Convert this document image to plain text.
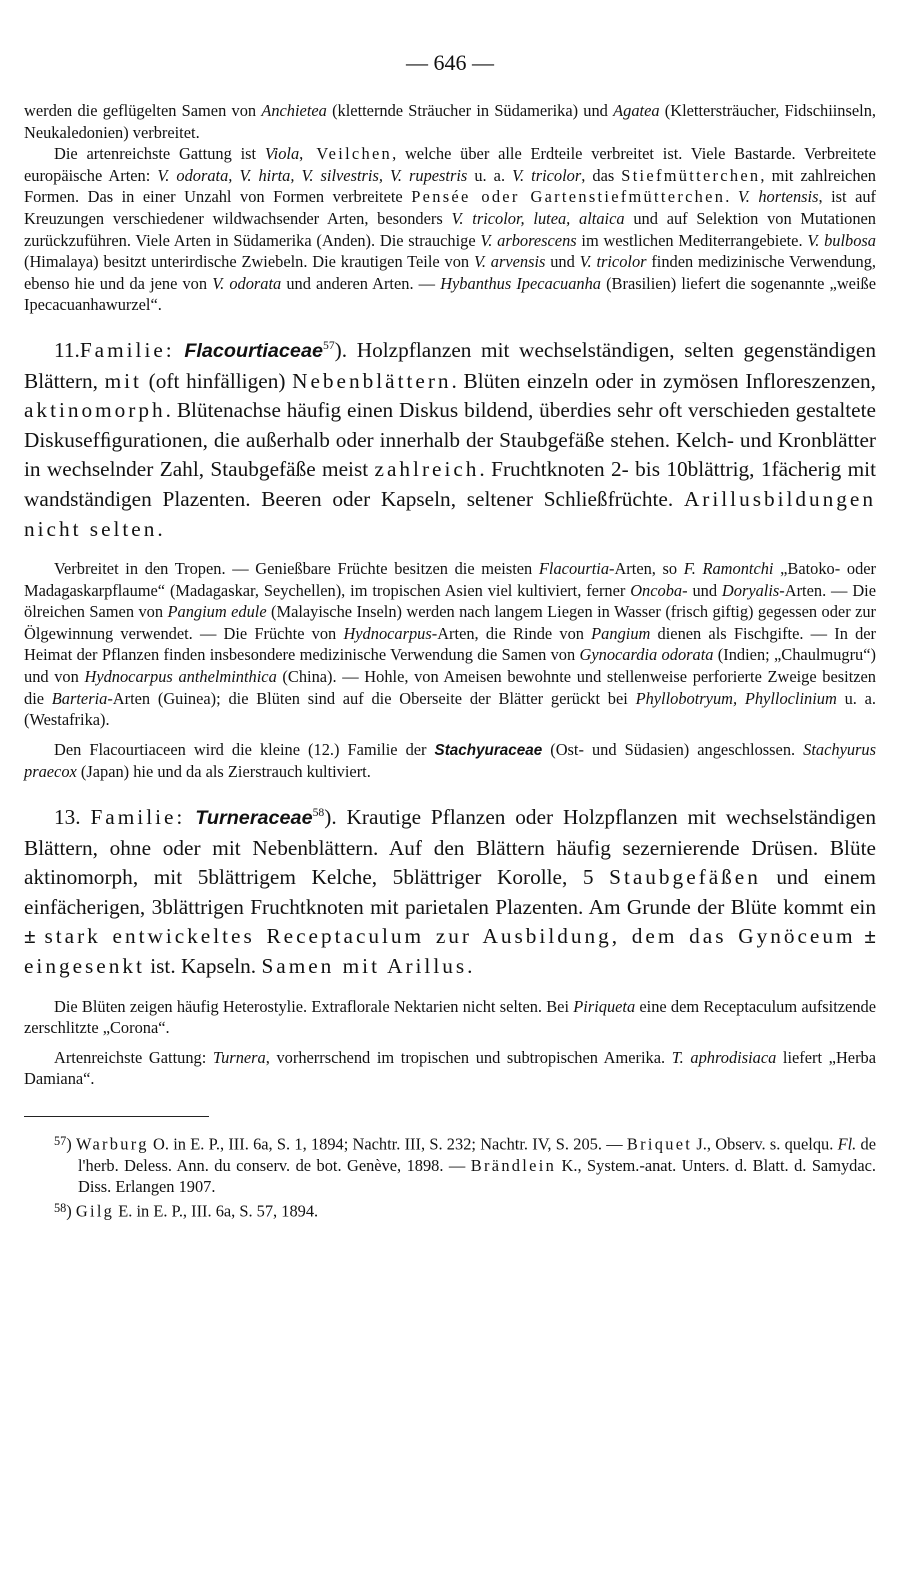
— 646 —

werden die geflügelten Samen von Anchietea (kletternde Sträucher in Südamerika) und Agatea (Klettersträucher, Fidschiinseln, Neukaledonien) verbreitet.

Die artenreichste Gattung ist Viola, Veilchen, welche über alle Erdteile verbreitet ist. Viele Bastarde. Verbreitete europäische Arten: V. odorata, V. hirta, V. silvestris, V. rupestris u. a. V. tricolor, das Stiefmütterchen, mit zahlreichen Formen. Das in einer Unzahl von Formen verbreitete Pensée oder Gartenstiefmütterchen. V. hortensis, ist auf Kreuzungen verschiedener wildwachsender Arten, besonders V. tricolor, lutea, altaica und auf Selektion von Mutationen zurückzuführen. Viele Arten in Südamerika (Anden). Die strauchige V. arborescens im westlichen Mediterrangebiete. V. bulbosa (Himalaya) besitzt unterirdische Zwiebeln. Die krautigen Teile von V. arvensis und V. tricolor finden medizinische Verwendung, ebenso hie und da jene von V. odorata und anderen Arten. — Hybanthus Ipecacuanha (Brasilien) liefert die sogenannte „weiße Ipecacuanhawurzel“.

11.Familie: Flacourtiaceae$^{57}$). Holzpflanzen mit wechselständigen, selten gegenständigen Blättern, mit (oft hinfälligen) Nebenblättern. Blüten einzeln oder in zymösen Infloreszenzen, aktinomorph. Blütenachse häufig einen Diskus bildend, überdies sehr oft verschieden gestaltete Diskusefﬁgurationen, die außerhalb oder innerhalb der Staubgefäße stehen. Kelch- und Kronblätter in wechselnder Zahl, Staubgefäße meist zahlreich. Fruchtknoten 2- bis 10blättrig, 1fächerig mit wandständigen Plazenten. Beeren oder Kapseln, seltener Schließfrüchte. Arillusbildungen nicht selten.

Verbreitet in den Tropen. — Genießbare Früchte besitzen die meisten Flacourtia-Arten, so F. Ramontchi „Batoko- oder Madagaskarpflaume“ (Madagaskar, Seychellen), im tropischen Asien viel kultiviert, ferner Oncoba- und Doryalis-Arten. — Die ölreichen Samen von Pangium edule (Malayische Inseln) werden nach langem Liegen in Wasser (frisch giftig) gegessen oder zur Ölgewinnung verwendet. — Die Früchte von Hydnocarpus-Arten, die Rinde von Pangium dienen als Fischgifte. — In der Heimat der Pflanzen finden insbesondere medizinische Verwendung die Samen von Gynocardia odorata (Indien; „Chaulmugru“) und von Hydnocarpus anthelminthica (China). — Hohle, von Ameisen bewohnte und stellenweise perforierte Zweige besitzen die Barteria-Arten (Guinea); die Blüten sind auf die Oberseite der Blätter gerückt bei Phyllobotryum, Phylloclinium u. a. (Westafrika).

Den Flacourtiaceen wird die kleine (12.) Familie der Stachyuraceae (Ost- und Südasien) angeschlossen. Stachyurus praecox (Japan) hie und da als Zierstrauch kultiviert.

13. Familie: Turneraceae$^{58}$). Krautige Pflanzen oder Holzpflanzen mit wechselständigen Blättern, ohne oder mit Nebenblättern. Auf den Blättern häufig sezernierende Drüsen. Blüte aktinomorph, mit 5blättrigem Kelche, 5blättriger Korolle, 5 Staubgefäßen und einem einfächerigen, 3blättrigen Fruchtknoten mit parietalen Plazenten. Am Grunde der Blüte kommt ein ± stark entwickeltes Receptaculum zur Ausbildung, dem das Gynöceum ± eingesenkt ist. Kapseln. Samen mit Arillus.

Die Blüten zeigen häufig Heterostylie. Extraflorale Nektarien nicht selten. Bei Piriqueta eine dem Receptaculum aufsitzende zerschlitzte „Corona“.

Artenreichste Gattung: Turnera, vorherrschend im tropischen und subtropischen Amerika. T. aphrodisiaca liefert „Herba Damiana“.

$^{57}$) Warburg O. in E. P., III. 6a, S. 1, 1894; Nachtr. III, S. 232; Nachtr. IV, S. 205. — Briquet J., Observ. s. quelqu. Fl. de l'herb. Deless. Ann. du conserv. de bot. Genève, 1898. — Brändlein K., System.-anat. Unters. d. Blatt. d. Samydac. Diss. Erlangen 1907.

$^{58}$) Gilg E. in E. P., III. 6a, S. 57, 1894.
